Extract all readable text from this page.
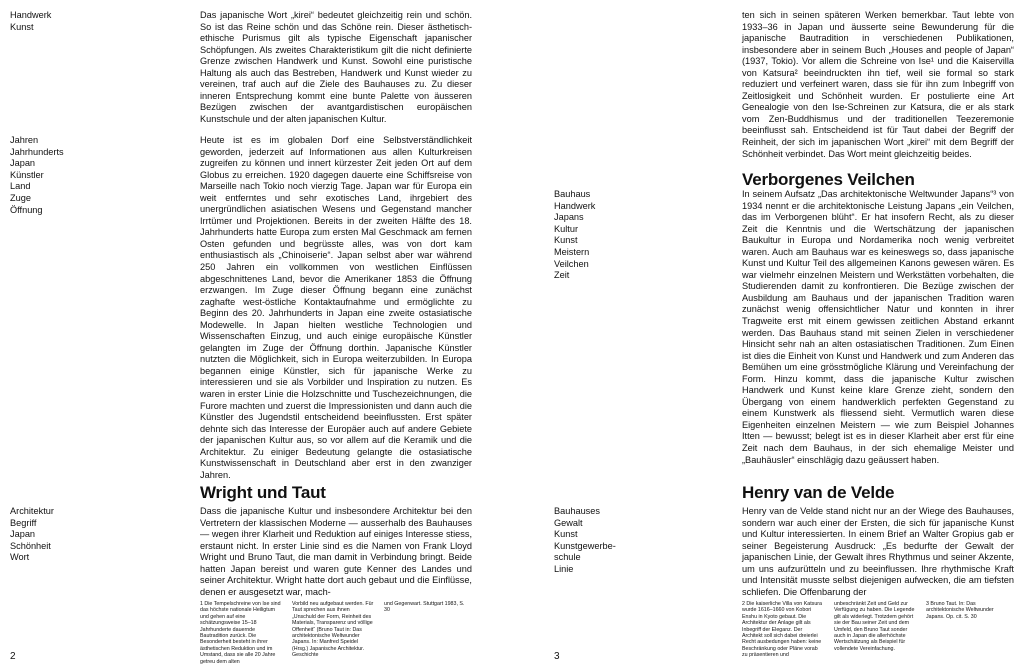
Handwerk
Kunst
Das japanische Wort „kirei“ bedeutet gleichzeitig rein und schön. So ist das Reine schön und das Schöne rein. Dieser ästhetisch-ethische Purismus gilt als typische Eigenschaft japanischer Schöpfungen. Als zweites Charakteristikum gilt die nicht definierte Grenze zwischen Handwerk und Kunst. Sowohl eine puristische Haltung als auch das Bestreben, Handwerk und Kunst wieder zu vereinen, traf auch auf die Ziele des Bauhauses zu. Zu dieser inneren Entsprechung kommt eine bunte Palette von äusseren Bezügen zwischen der avantgardistischen europäischen Kunstschule und der alten japanischen Kultur.
Jahren
Jahrhunderts
Japan
Künstler
Land
Zuge
Öffnung
Heute ist es im globalen Dorf eine Selbstverständlichkeit geworden, jederzeit auf Informationen aus allen Kulturkreisen zugreifen zu können und innert kürzester Zeit jeden Ort auf dem Globus zu erreichen. 1920 dagegen dauerte eine Schiffsreise von Marseille nach Tokio noch vierzig Tage. Japan war für Europa ein weit entferntes und sehr exotisches Land, ihrgebiert des unergründlichen asiatischen Wesens und Gegenstand mancher Irrtümer und Projektionen. Bereits in der zweiten Hälfte des 18. Jahrhunderts hatte Europa zum ersten Mal Geschmack am fernen Osten gefunden und begrüsste alles, was von dort kam enthusiastisch als „Chinoiserie“. Japan selbst aber war während 250 Jahren ein vollkommen von westlichen Einflüssen abgeschnittenes Land, bevor die Amerikaner 1853 die Öffnung erzwangen. Im Zuge dieser Öffnung begann eine zunächst zaghafte west-östliche Kontaktaufnahme und ermöglichte zu Beginn des 20. Jahrhunderts in Japan eine zweite ostasiatische Modewelle. In Japan hielten westliche Technologien und Wissenschaften Einzug, und auch einige europäische Künstler gelangten im Zuge der Öffnung dorthin. Japanische Künstler nutzten die Möglichkeit, sich in Europa weiterzubilden. In Europa begannen einige Künstler, sich für japanische Werke zu interessieren und sie als Vorbilder und Inspiration zu nutzen. Es waren in erster Linie die Holzschnitte und Tuschezeichnungen, die Furore machten und zuerst die Impressionisten und dann auch die Künstler des Jugendstil entscheidend beeinflussten. Erst später dehnte sich das Interesse der Europäer auch auf andere Gebiete der japanischen Kultur aus, so vor allem auf die Keramik und die Architektur. Zu einiger Bedeutung gelangte die ostasiatische Kunstwissenschaft in Deutschland aber erst in den zwanziger Jahren.
Wright und Taut
Architektur
Begriff
Japan
Schönheit
Wort
Dass die japanische Kultur und insbesondere Architektur bei den Vertretern der klassischen Moderne — ausserhalb des Bauhauses — wegen ihrer Klarheit und Reduktion auf einiges Interesse stiess, erstaunt nicht. In erster Linie sind es die Namen von Frank Lloyd Wright und Bruno Taut, die man damit in Verbindung bringt. Beide hatten Japan bereist und waren gute Kenner des Landes und seiner Architektur. Wright hatte dort auch gebaut und die Einflüsse, denen er ausgesetzt war, mach-
1 Die Tempelschreine von Ise sind das höchste nationale Heiligtum und gehen auf eine schätzungsweise 15–18 Jahrhunderte dauernde Bautradition zurück. Die Besonderheit besteht in ihrer ästhetischen Reduktion und im Umstand, dass sie alle 20 Jahre getreu dem alten
Vorbild neu aufgebaut werden. Für Taut sprechen aus ihnen „Unschuld der Form, Reinheit des Materials, Transparenz und völlige Offenheit“ (Bruno Taut in: Das architektonische Weltwunder Japans. In: Manfred Speidel (Hrsg.) Japanische Architektur. Geschichte
und Gegenwart. Stuttgart 1983, S. 30
2
ten sich in seinen späteren Werken bemerkbar. Taut lebte von 1933–36 in Japan und äusserte seine Bewunderung für die japanische Bautradition in verschiedenen Publikationen, insbesondere aber in seinem Buch „Houses and people of Japan“ (1937, Tokio). Vor allem die Schreine von Ise¹ und die Kaiservilla von Katsura² beeindruckten ihn tief, weil sie formal so stark reduziert und verfeinert waren, dass sie für ihn zum Inbegriff von Zeitlosigkeit und Schönheit wurden. Er postulierte eine Art Genealogie von den Ise-Schreinen zur Katsura, die er als stark vom Zen-Buddhismus und der traditionellen Teezeremonie beeinflusst sah. Entscheidend ist für Taut dabei der Begriff der Reinheit, der sich im japanischen Wort „kirei“ mit dem Begriff der Schönheit verbindet. Das Wort meint gleichzeitig beides.
Verborgenes Veilchen
Bauhaus
Handwerk
Japans
Kultur
Kunst
Meistern
Veilchen
Zeit
In seinem Aufsatz „Das architektonische Weltwunder Japans“³ von 1934 nennt er die architektonische Leistung Japans „ein Veilchen, das im Verborgenen blüht“. Er hat insofern Recht, als zu dieser Zeit die Kenntnis und die Wertschätzung der japanischen Baukultur in Europa und Nordamerika noch wenig verbreitet waren. Auch am Bauhaus war es keineswegs so, dass japanische Kunst und Kultur Teil des allgemeinen Kanons gewesen wären. Es war vielmehr einzelnen Meistern und Werkstätten vorbehalten, die Studierenden damit zu konfrontieren. Die Bezüge zwischen der Ausbildung am Bauhaus und der japanischen Tradition waren zunächst wenig offensichtlicher Natur und konnten in ihrer Tragweite erst mit einem gewissen zeitlichen Abstand erkannt werden. Das Bauhaus stand mit seinen Zielen in verschiedener Hinsicht sehr nah an alten ostasiatischen Traditionen. Zum Einen ist dies die Einheit von Kunst und Handwerk und zum Anderen das Bemühen um eine grösstmögliche Klärung und Vereinfachung der Form. Hinzu kommt, dass die japanische Kultur zwischen Handwerk und Kunst keine klare Grenze zieht, sondern den Übergang von einem handwerklich perfekten Gegenstand zu einem Kunstwerk als fliessend sieht. Vermutlich waren diese Eigenheiten einzelnen Meistern — wie zum Beispiel Johannes Itten — bewusst; belegt ist es in dieser Klarheit aber erst für eine Zeit nach dem Bauhaus, in der sich ehemalige Meister und „Bauhäusler“ einschlägig dazu geäussert haben.
Henry van de Velde
Bauhauses
Gewalt
Kunst
Kunstgewerbe-
schule
Linie
Henry van de Velde stand nicht nur an der Wiege des Bauhauses, sondern war auch einer der Ersten, die sich für japanische Kunst und Kultur interessierten. In einem Brief an Walter Gropius gab er seiner Begeisterung Ausdruck: „Es bedurfte der Gewalt der japanischen Linie, der Gewalt ihres Rhythmus und seiner Akzente, um uns aufzurütteln und zu beeinflussen. Ihre rhythmische Kraft und Intensität musste selbst diejenigen aufwecken, die am tiefsten schliefen. Die Offenbarung der
2 Die kaiserliche Villa von Katsura wurde 1616–1660 von Kobori Enshu in Kyoto gebaut. Die Architektur der Anlage gilt als Inbegriff der Eleganz. Der Architekt soll sich dabei dreierlei Recht ausbedungen haben: keine Beschränkung oder Pläne vorab zu präsentieren und
unbeschränkt Zeit und Geld zur Verfügung zu haben. Die Legende gilt als widerlegt. Trotzdem gehört sie der Bau seiner Zeit und dem Umfeld, den Bruno Taut sonder auch in Japan die allerhöchste Wertschätzung als Beispiel für vollendete Vereinfachung.
3 Bruno Taut. In: Das architektonische Weltwunder Japans. Op. cit. S. 30
3
